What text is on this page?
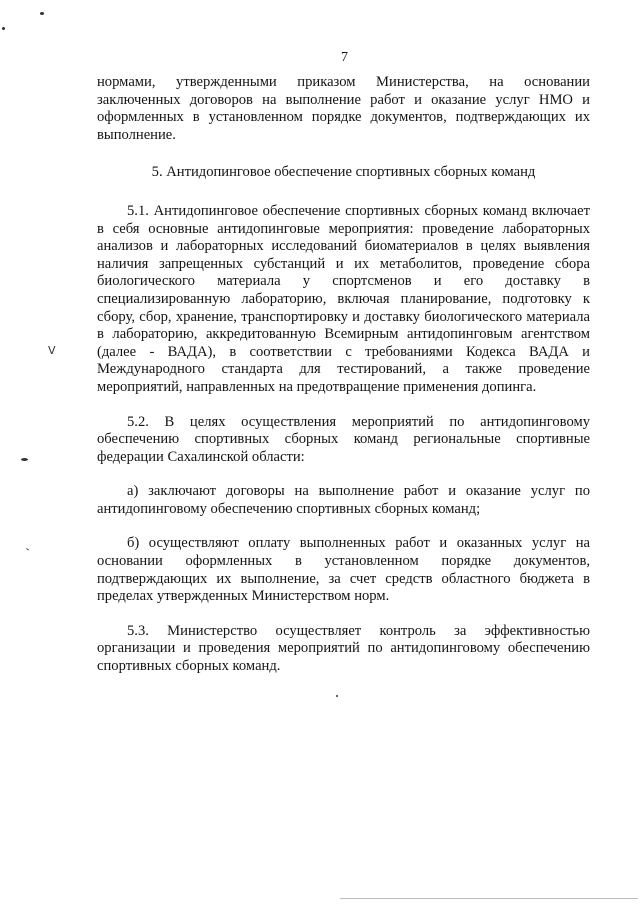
7

нормами, утвержденными приказом Министерства, на основании заключенных договоров на выполнение работ и оказание услуг НМО и оформленных в установленном порядке документов, подтверждающих их выполнение.

5. Антидопинговое обеспечение спортивных сборных команд

5.1. Антидопинговое обеспечение спортивных сборных команд включает в себя основные антидопинговые мероприятия: проведение лабораторных анализов и лабораторных исследований биоматериалов в целях выявления наличия запрещенных субстанций и их метаболитов, проведение сбора биологического материала у спортсменов и его доставку в специализированную лабораторию, включая планирование, подготовку к сбору, сбор, хранение, транспортировку и доставку биологического материала в лабораторию, аккредитованную Всемирным антидопинговым агентством (далее - ВАДА), в соответствии с требованиями Кодекса ВАДА и Международного стандарта для тестирований, а также проведение мероприятий, направленных на предотвращение применения допинга.

5.2. В целях осуществления мероприятий по антидопинговому обеспечению спортивных сборных команд региональные спортивные федерации Сахалинской области:

а) заключают договоры на выполнение работ и оказание услуг по антидопинговому обеспечению спортивных сборных команд;

б) осуществляют оплату выполненных работ и оказанных услуг на основании оформленных в установленном порядке документов, подтверждающих их выполнение, за счет средств областного бюджета в пределах утвержденных Министерством норм.

5.3. Министерство осуществляет контроль за эффективностью организации и проведения мероприятий по антидопинговому обеспечению спортивных сборных команд.

ᐯ
‐
